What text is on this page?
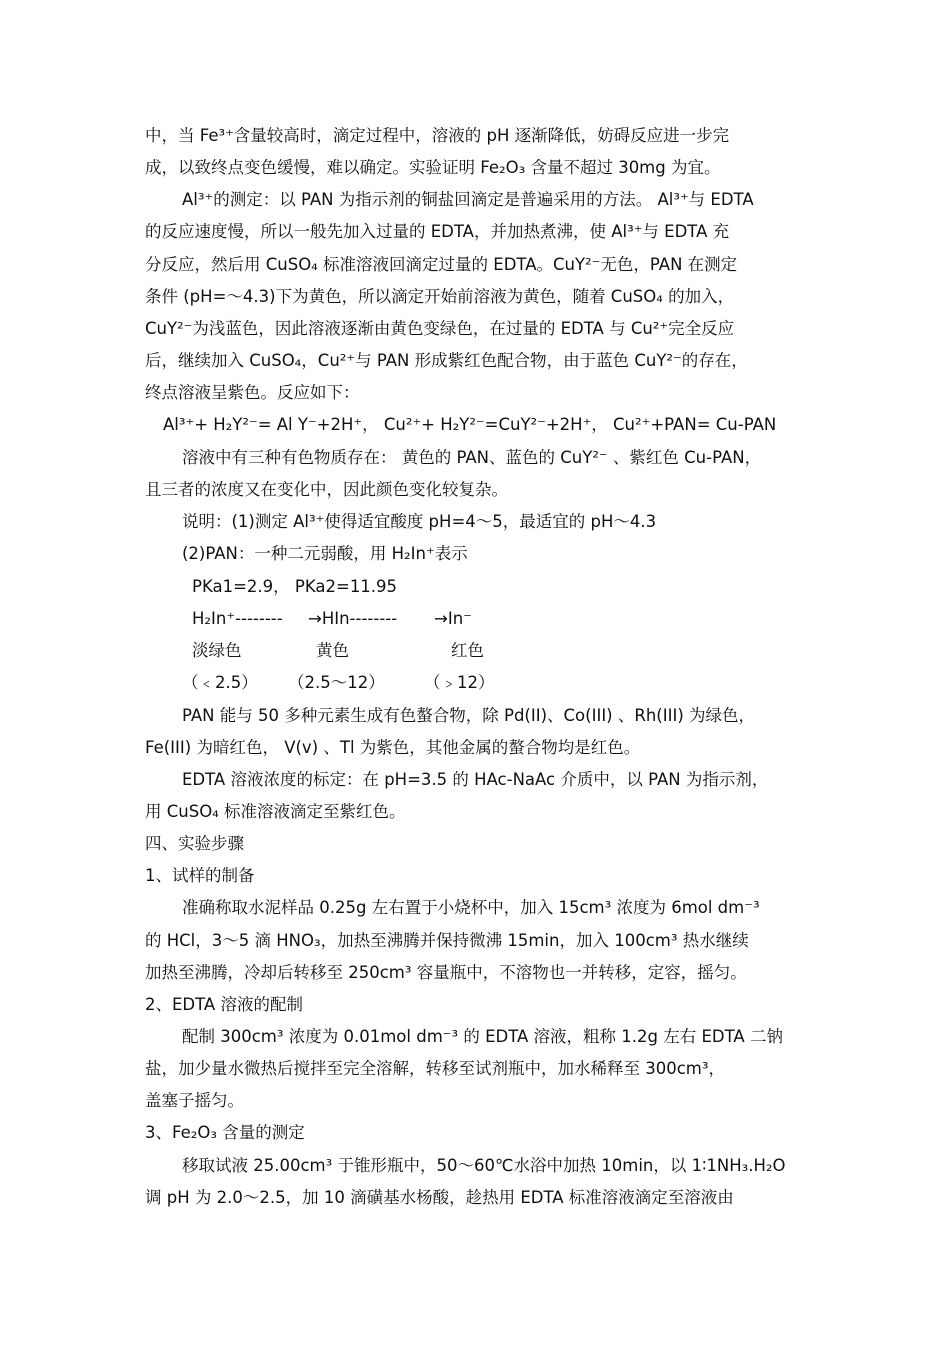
中，当 Fe³⁺含量较高时，滴定过程中，溶液的 pH 逐渐降低，妨碍反应进一步完
成，以致终点变色缓慢，难以确定。实验证明 Fe₂O₃ 含量不超过 30mg 为宜。
Al³⁺的测定：以 PAN 为指示剂的铜盐回滴定是普遍采用的方法。 Al³⁺与 EDTA
的反应速度慢，所以一般先加入过量的 EDTA，并加热煮沸，使 Al³⁺与 EDTA 充
分反应，然后用 CuSO₄ 标准溶液回滴定过量的 EDTA。CuY²⁻无色，PAN 在测定
条件 (pH=～4.3)下为黄色，所以滴定开始前溶液为黄色，随着 CuSO₄ 的加入，
CuY²⁻为浅蓝色，因此溶液逐渐由黄色变绿色，在过量的 EDTA 与 Cu²⁺完全反应
后，继续加入 CuSO₄，Cu²⁺与 PAN 形成紫红色配合物，由于蓝色 CuY²⁻的存在，
终点溶液呈紫色。反应如下：
Al³⁺+ H₂Y²⁻= Al Y⁻+2H⁺， Cu²⁺+ H₂Y²⁻=CuY²⁻+2H⁺， Cu²⁺+PAN= Cu-PAN
溶液中有三种有色物质存在： 黄色的 PAN、蓝色的 CuY²⁻ 、紫红色 Cu-PAN，
且三者的浓度又在变化中，因此颜色变化较复杂。
说明：(1)测定 Al³⁺使得适宜酸度 pH=4～5，最适宜的 pH～4.3
(2)PAN：一种二元弱酸，用 H₂In⁺表示
PKa1=2.9， PKa2=11.95
H₂In⁺-------- →HIn-------- →In⁻
淡绿色	黄色	红色
（﹤2.5） （2.5～12） （﹥12）
PAN 能与 50 多种元素生成有色螯合物，除 Pd(II)、Co(III) 、Rh(III) 为绿色，
Fe(III) 为暗红色， V(v) 、Tl 为紫色，其他金属的螯合物均是红色。
EDTA 溶液浓度的标定：在 pH=3.5 的 HAc-NaAc 介质中，以 PAN 为指示剂，
用 CuSO₄ 标准溶液滴定至紫红色。
四、实验步骤
1、试样的制备
准确称取水泥样品 0.25g 左右置于小烧杯中，加入 15cm³ 浓度为 6mol dm⁻³
的 HCl，3～5 滴 HNO₃，加热至沸腾并保持微沸 15min，加入 100cm³ 热水继续
加热至沸腾，冷却后转移至 250cm³ 容量瓶中，不溶物也一并转移，定容，摇匀。
2、EDTA 溶液的配制
配制 300cm³ 浓度为 0.01mol dm⁻³ 的 EDTA 溶液，粗称 1.2g 左右 EDTA 二钠
盐，加少量水微热后搅拌至完全溶解，转移至试剂瓶中，加水稀释至 300cm³，
盖塞子摇匀。
3、Fe₂O₃ 含量的测定
移取试液 25.00cm³ 于锥形瓶中，50～60℃水浴中加热 10min，以 1∶1NH₃.H₂O
调 pH 为 2.0～2.5，加 10 滴磺基水杨酸，趁热用 EDTA 标准溶液滴定至溶液由
